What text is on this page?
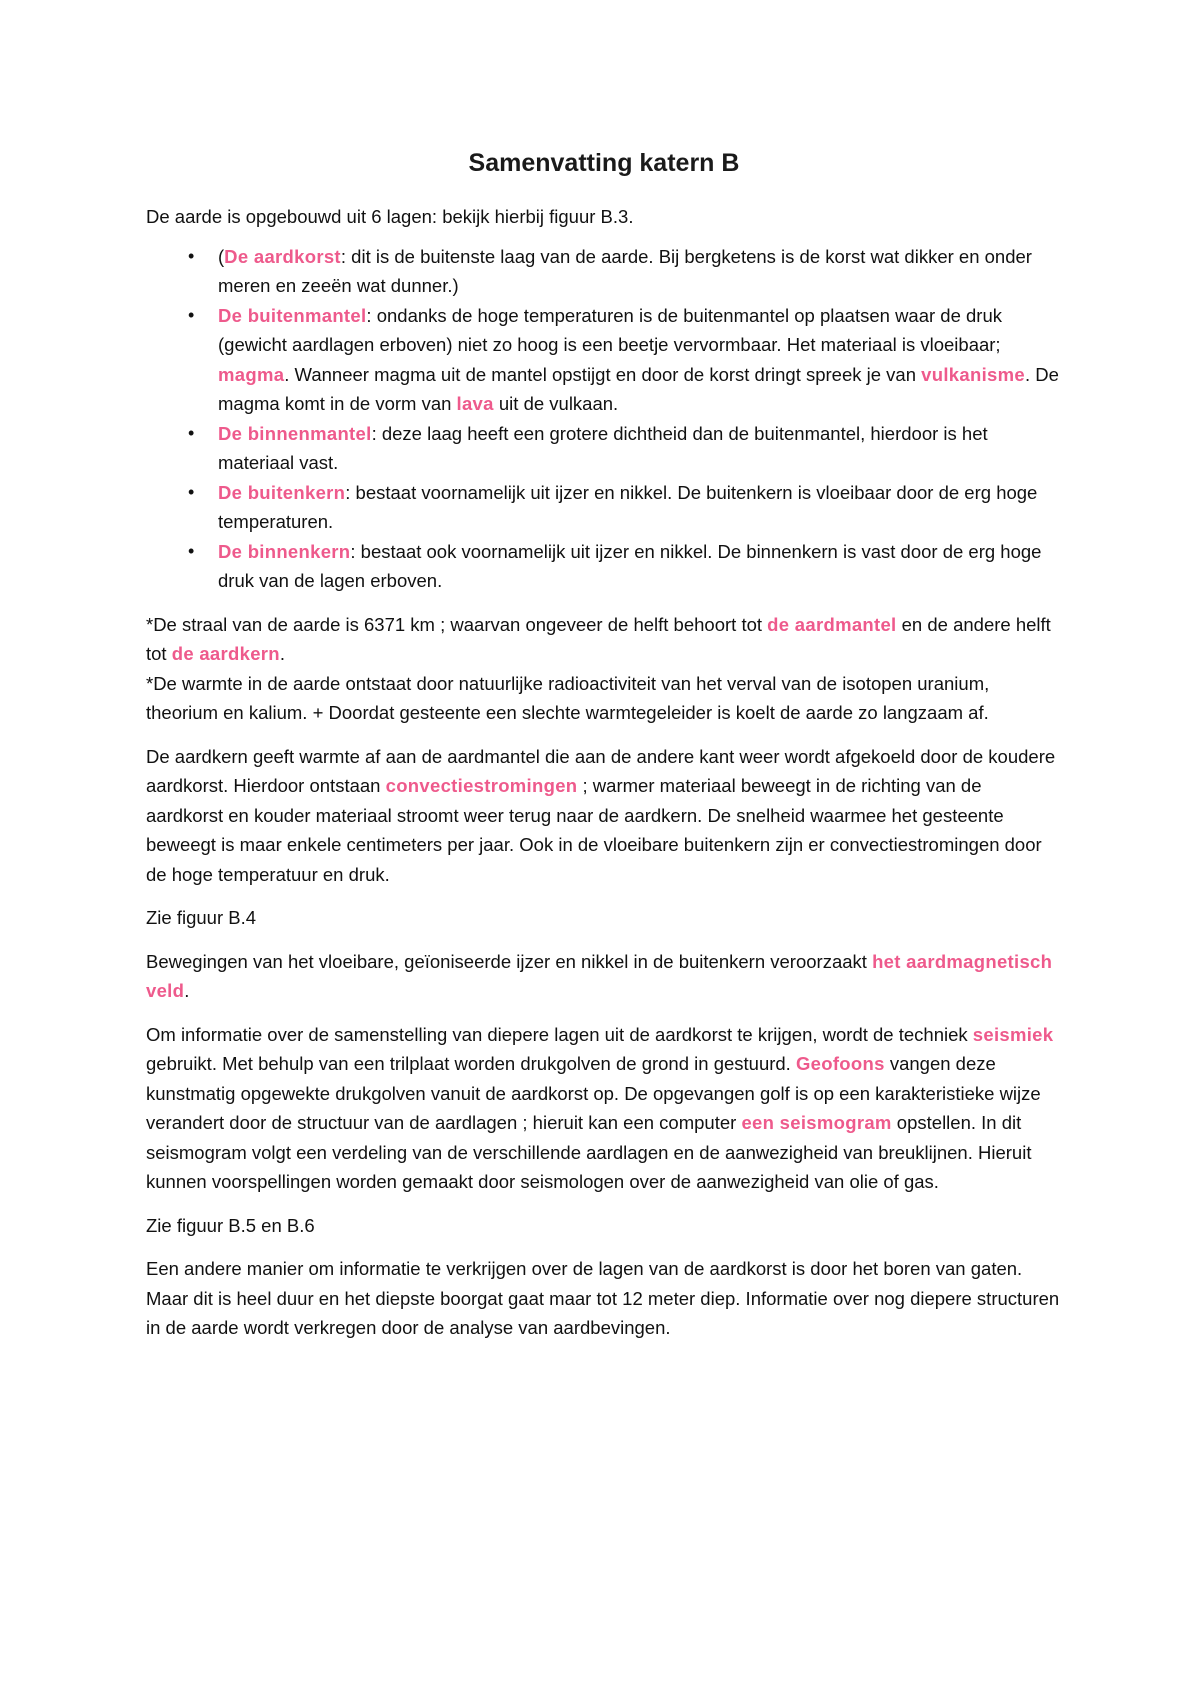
Samenvatting katern B

De aarde is opgebouwd uit 6 lagen: bekijk hierbij figuur B.3.

• (De aardkorst: dit is de buitenste laag van de aarde. Bij bergketens is de korst wat dikker en onder meren en zeeën wat dunner.)
• De buitenmantel: ondanks de hoge temperaturen is de buitenmantel op plaatsen waar de druk (gewicht aardlagen erboven) niet zo hoog is een beetje vervormbaar. Het materiaal is vloeibaar; magma. Wanneer magma uit de mantel opstijgt en door de korst dringt spreek je van vulkanisme. De magma komt in de vorm van lava uit de vulkaan.
• De binnenmantel: deze laag heeft een grotere dichtheid dan de buitenmantel, hierdoor is het materiaal vast.
• De buitenkern: bestaat voornamelijk uit ijzer en nikkel. De buitenkern is vloeibaar door de erg hoge temperaturen.
• De binnenkern: bestaat ook voornamelijk uit ijzer en nikkel. De binnenkern is vast door de erg hoge druk van de lagen erboven.

*De straal van de aarde is 6371 km ; waarvan ongeveer de helft behoort tot de aardmantel en de andere helft tot de aardkern.

*De warmte in de aarde ontstaat door natuurlijke radioactiviteit van het verval van de isotopen uranium, theorium en kalium. + Doordat gesteente een slechte warmtegeleider is koelt de aarde zo langzaam af.

De aardkern geeft warmte af aan de aardmantel die aan de andere kant weer wordt afgekoeld door de koudere aardkorst. Hierdoor ontstaan convectiestromingen ; warmer materiaal beweegt in de richting van de aardkorst en kouder materiaal stroomt weer terug naar de aardkern. De snelheid waarmee het gesteente beweegt is maar enkele centimeters per jaar. Ook in de vloeibare buitenkern zijn er convectiestromingen door de hoge temperatuur en druk.

Zie figuur B.4

Bewegingen van het vloeibare, geïoniseerde ijzer en nikkel in de buitenkern veroorzaakt het aardmagnetisch veld.

Om informatie over de samenstelling van diepere lagen uit de aardkorst te krijgen, wordt de techniek seismiek gebruikt. Met behulp van een trilplaat worden drukgolven de grond in gestuurd. Geofoons vangen deze kunstmatig opgewekte drukgolven vanuit de aardkorst op. De opgevangen golf is op een karakteristieke wijze verandert door de structuur van de aardlagen ; hieruit kan een computer een seismogram opstellen. In dit seismogram volgt een verdeling van de verschillende aardlagen en de aanwezigheid van breuklijnen. Hieruit kunnen voorspellingen worden gemaakt door seismologen over de aanwezigheid van olie of gas.

Zie figuur B.5 en B.6

Een andere manier om informatie te verkrijgen over de lagen van de aardkorst is door het boren van gaten. Maar dit is heel duur en het diepste boorgat gaat maar tot 12 meter diep. Informatie over nog diepere structuren in de aarde wordt verkregen door de analyse van aardbevingen.
